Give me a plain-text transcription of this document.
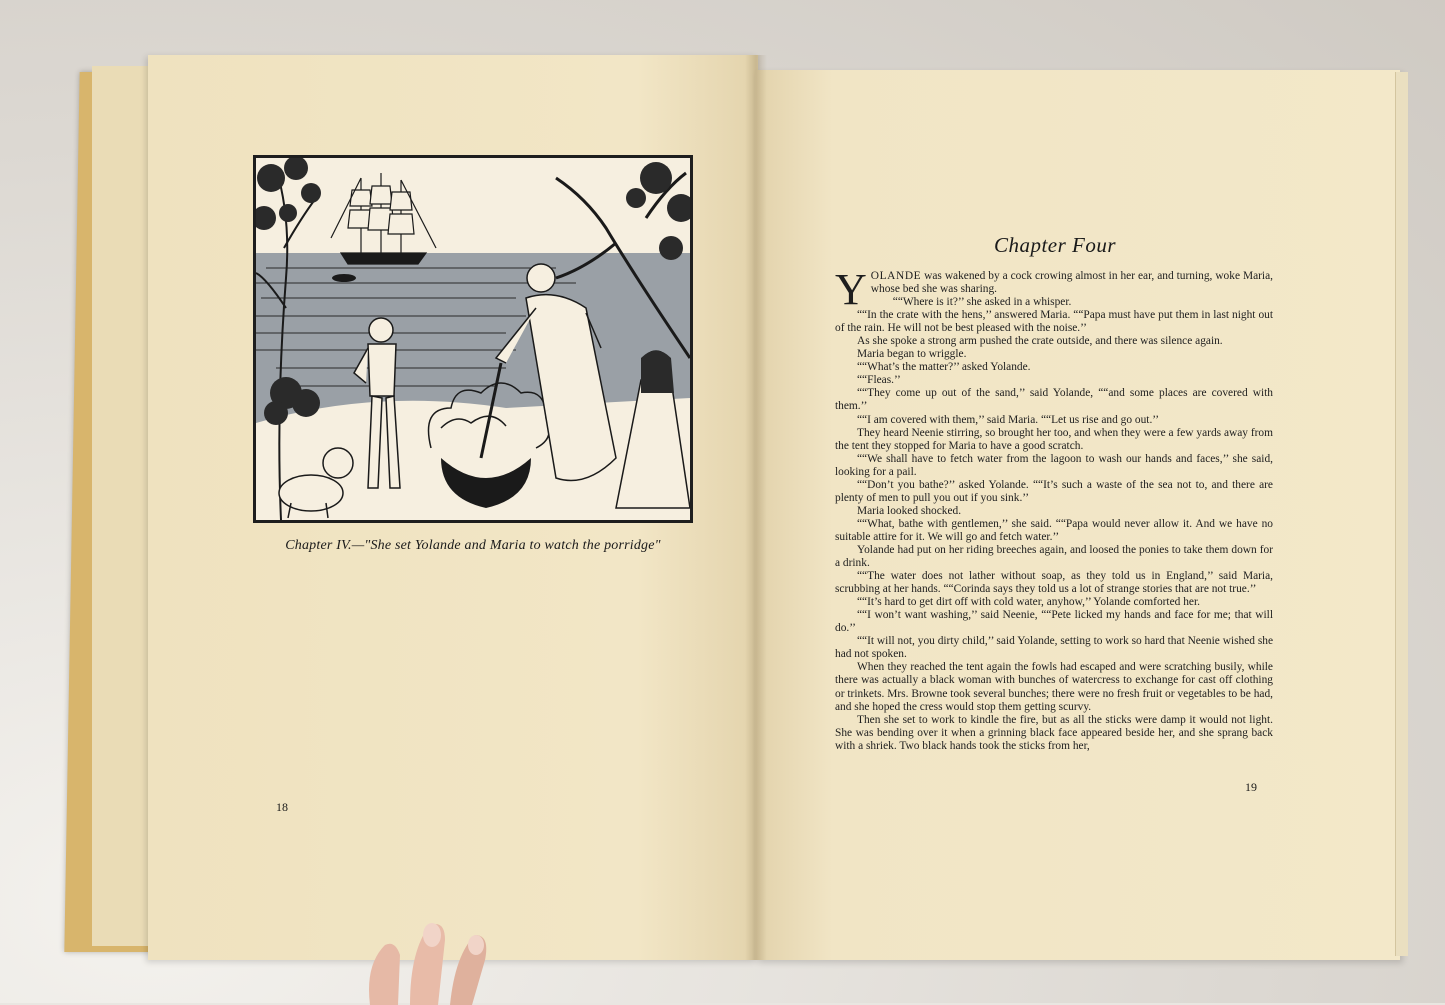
Chapter IV.—"She set Yolande and Maria to watch the porridge"
18
Chapter Four

YOLANDE was wakened by a cock crowing almost in her ear, and turning, woke Maria, whose bed she was sharing.

““Where is it?’’ she asked in a whisper.

““In the crate with the hens,’’ answered Maria. ““Papa must have put them in last night out of the rain. He will not be best pleased with the noise.’’

As she spoke a strong arm pushed the crate outside, and there was silence again.

Maria began to wriggle.

““What’s the matter?’’ asked Yolande.

““Fleas.’’

““They come up out of the sand,’’ said Yolande, ““and some places are covered with them.’’

““I am covered with them,’’ said Maria. ““Let us rise and go out.’’

They heard Neenie stirring, so brought her too, and when they were a few yards away from the tent they stopped for Maria to have a good scratch.

““We shall have to fetch water from the lagoon to wash our hands and faces,’’ she said, looking for a pail.

““Don’t you bathe?’’ asked Yolande. ““It’s such a waste of the sea not to, and there are plenty of men to pull you out if you sink.’’

Maria looked shocked.

““What, bathe with gentlemen,’’ she said. ““Papa would never allow it. And we have no suitable attire for it. We will go and fetch water.’’

Yolande had put on her riding breeches again, and loosed the ponies to take them down for a drink.

““The water does not lather without soap, as they told us in England,’’ said Maria, scrubbing at her hands. ““Corinda says they told us a lot of strange stories that are not true.’’

““It’s hard to get dirt off with cold water, anyhow,’’ Yolande comforted her.

““I won’t want washing,’’ said Neenie, ““Pete licked my hands and face for me; that will do.’’

““It will not, you dirty child,’’ said Yolande, setting to work so hard that Neenie wished she had not spoken.

When they reached the tent again the fowls had escaped and were scratching busily, while there was actually a black woman with bunches of watercress to exchange for cast off clothing or trinkets. Mrs. Browne took several bunches; there were no fresh fruit or vegetables to be had, and she hoped the cress would stop them getting scurvy.

Then she set to work to kindle the fire, but as all the sticks were damp it would not light. She was bending over it when a grinning black face appeared beside her, and she sprang back with a shriek. Two black hands took the sticks from her,

19
